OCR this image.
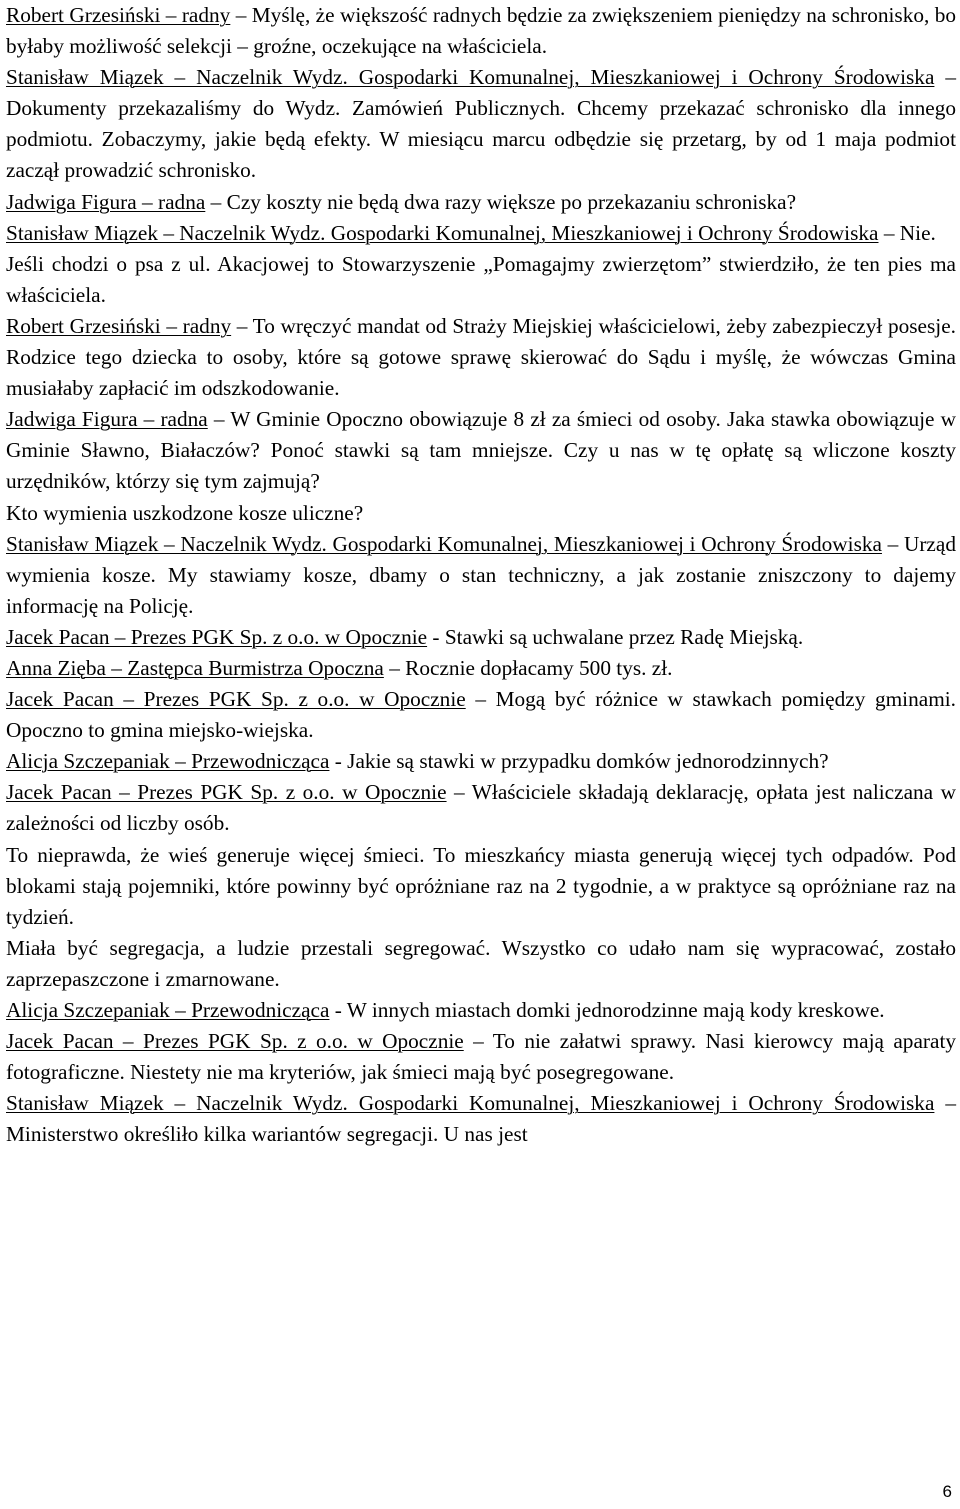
Robert Grzesiński – radny – Myślę, że większość radnych będzie za zwiększeniem pieniędzy na schronisko, bo byłaby możliwość selekcji – groźne, oczekujące na właściciela.

Stanisław Miązek – Naczelnik Wydz. Gospodarki Komunalnej, Mieszkaniowej i Ochrony Środowiska – Dokumenty przekazaliśmy do Wydz. Zamówień Publicznych. Chcemy przekazać schronisko dla innego podmiotu. Zobaczymy, jakie będą efekty. W miesiącu marcu odbędzie się przetarg, by od 1 maja podmiot zaczął prowadzić schronisko.

Jadwiga Figura – radna – Czy koszty nie będą dwa razy większe po przekazaniu schroniska?

Stanisław Miązek – Naczelnik Wydz. Gospodarki Komunalnej, Mieszkaniowej i Ochrony Środowiska – Nie.

Jeśli chodzi o psa z ul. Akacjowej to Stowarzyszenie „Pomagajmy zwierzętom” stwierdziło, że ten pies ma właściciela.

Robert Grzesiński – radny – To wręczyć mandat od Straży Miejskiej właścicielowi, żeby zabezpieczył posesje. Rodzice tego dziecka to osoby, które są gotowe sprawę skierować do Sądu i myślę, że wówczas Gmina musiałaby zapłacić im odszkodowanie.

Jadwiga Figura – radna – W Gminie Opoczno obowiązuje 8 zł za śmieci od osoby. Jaka stawka obowiązuje w Gminie Sławno, Białaczów? Ponoć stawki są tam mniejsze. Czy u nas w tę opłatę są wliczone koszty urzędników, którzy się tym zajmują?

Kto wymienia uszkodzone kosze uliczne?

Stanisław Miązek – Naczelnik Wydz. Gospodarki Komunalnej, Mieszkaniowej i Ochrony Środowiska – Urząd wymienia kosze. My stawiamy kosze, dbamy o stan techniczny, a jak zostanie zniszczony to dajemy informację na Policję.

Jacek Pacan – Prezes PGK Sp. z o.o. w Opocznie - Stawki są uchwalane przez Radę Miejską.

Anna Zięba – Zastępca Burmistrza Opoczna – Rocznie dopłacamy 500 tys. zł.

Jacek Pacan – Prezes PGK Sp. z o.o. w Opocznie – Mogą być różnice w stawkach pomiędzy gminami. Opoczno to gmina miejsko-wiejska.

Alicja Szczepaniak – Przewodnicząca - Jakie są stawki w przypadku domków jednorodzinnych?

Jacek Pacan – Prezes PGK Sp. z o.o. w Opocznie – Właściciele składają deklarację, opłata jest naliczana w zależności od liczby osób.

To nieprawda, że wieś generuje więcej śmieci. To mieszkańcy miasta generują więcej tych odpadów. Pod blokami stają pojemniki, które powinny być opróżniane raz na 2 tygodnie, a w praktyce są opróżniane raz na tydzień.

Miała być segregacja, a ludzie przestali segregować. Wszystko co udało nam się wypracować, zostało zaprzepaszczone i zmarnowane.

Alicja Szczepaniak – Przewodnicząca - W innych miastach domki jednorodzinne mają kody kreskowe.

Jacek Pacan – Prezes PGK Sp. z o.o. w Opocznie – To nie załatwi sprawy. Nasi kierowcy mają aparaty fotograficzne. Niestety nie ma kryteriów, jak śmieci mają być posegregowane.

Stanisław Miązek – Naczelnik Wydz. Gospodarki Komunalnej, Mieszkaniowej i Ochrony Środowiska – Ministerstwo określiło kilka wariantów segregacji. U nas jest

6
